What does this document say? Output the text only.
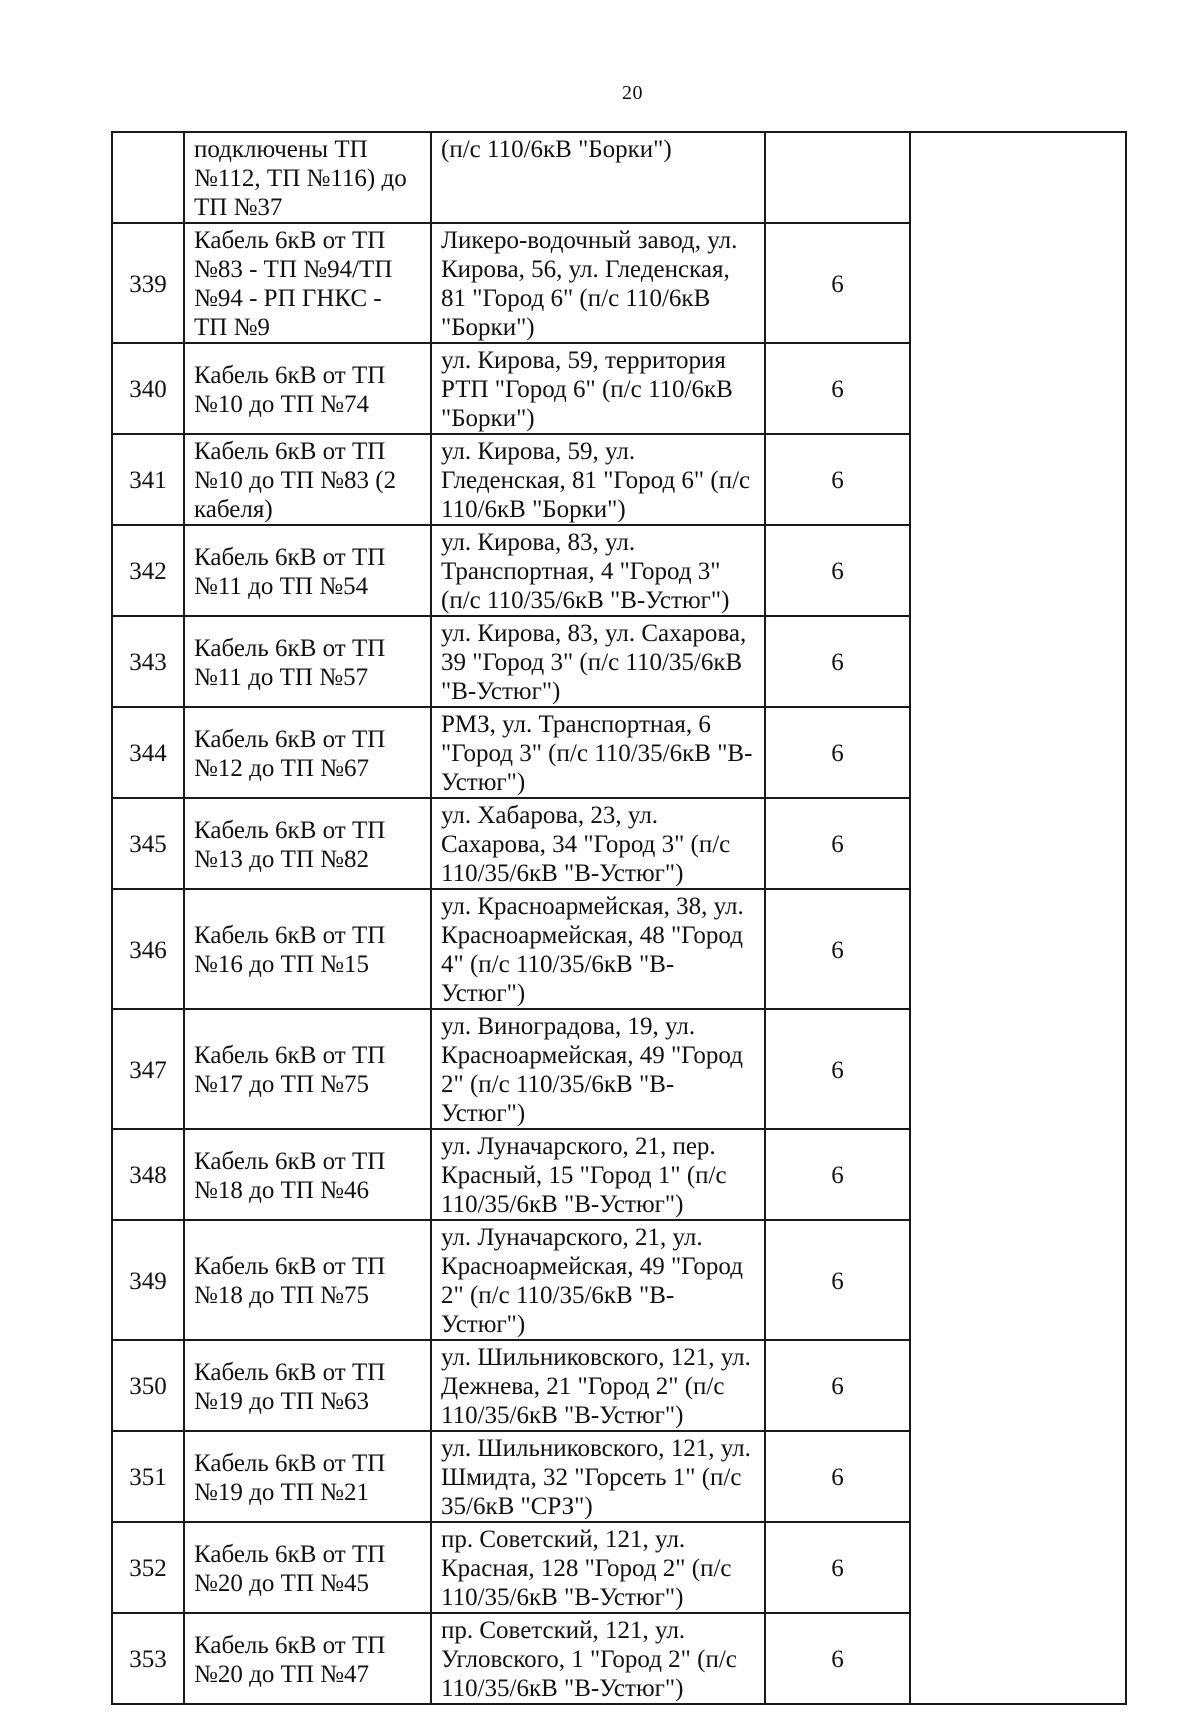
20
	подключены ТП №112, ТП №116) до ТП №37	(п/с 110/6кВ "Борки")		
339	Кабель 6кВ от ТП №83 - ТП №94/ТП №94 - РП ГНКС - ТП №9	Ликеро-водочный завод, ул. Кирова, 56, ул. Гледенская, 81 "Город 6" (п/с 110/6кВ "Борки")	6	
340	Кабель 6кВ от ТП №10 до ТП №74	ул. Кирова, 59, территория РТП "Город 6" (п/с 110/6кВ "Борки")	6	
341	Кабель 6кВ от ТП №10 до ТП №83 (2 кабеля)	ул. Кирова, 59, ул. Гледенская, 81 "Город 6" (п/с 110/6кВ "Борки")	6	
342	Кабель 6кВ от ТП №11 до ТП №54	ул. Кирова, 83, ул. Транспортная, 4 "Город 3" (п/с 110/35/6кВ "В-Устюг")	6	
343	Кабель 6кВ от ТП №11 до ТП №57	ул. Кирова, 83, ул. Сахарова, 39 "Город 3" (п/с 110/35/6кВ "В-Устюг")	6	
344	Кабель 6кВ от ТП №12 до ТП №67	РМЗ, ул. Транспортная, 6 "Город 3" (п/с 110/35/6кВ "В-Устюг")	6	
345	Кабель 6кВ от ТП №13 до ТП №82	ул. Хабарова, 23, ул. Сахарова, 34 "Город 3" (п/с 110/35/6кВ "В-Устюг")	6	
346	Кабель 6кВ от ТП №16 до ТП №15	ул. Красноармейская, 38, ул. Красноармейская, 48 "Город 4" (п/с 110/35/6кВ "В-Устюг")	6	
347	Кабель 6кВ от ТП №17 до ТП №75	ул. Виноградова, 19, ул. Красноармейская, 49 "Город 2" (п/с 110/35/6кВ "В-Устюг")	6	
348	Кабель 6кВ от ТП №18 до ТП №46	ул. Луначарского, 21, пер. Красный, 15 "Город 1" (п/с 110/35/6кВ "В-Устюг")	6	
349	Кабель 6кВ от ТП №18 до ТП №75	ул. Луначарского, 21, ул. Красноармейская, 49 "Город 2" (п/с 110/35/6кВ "В-Устюг")	6	
350	Кабель 6кВ от ТП №19 до ТП №63	ул. Шильниковского, 121, ул. Дежнева, 21 "Город 2" (п/с 110/35/6кВ "В-Устюг")	6	
351	Кабель 6кВ от ТП №19 до ТП №21	ул. Шильниковского, 121, ул. Шмидта, 32 "Горсеть 1" (п/с 35/6кВ "СРЗ")	6	
352	Кабель 6кВ от ТП №20 до ТП №45	пр. Советский, 121, ул. Красная, 128 "Город 2" (п/с 110/35/6кВ "В-Устюг")	6	
353	Кабель 6кВ от ТП №20 до ТП №47	пр. Советский, 121, ул. Угловского, 1 "Город 2" (п/с 110/35/6кВ "В-Устюг")	6	
